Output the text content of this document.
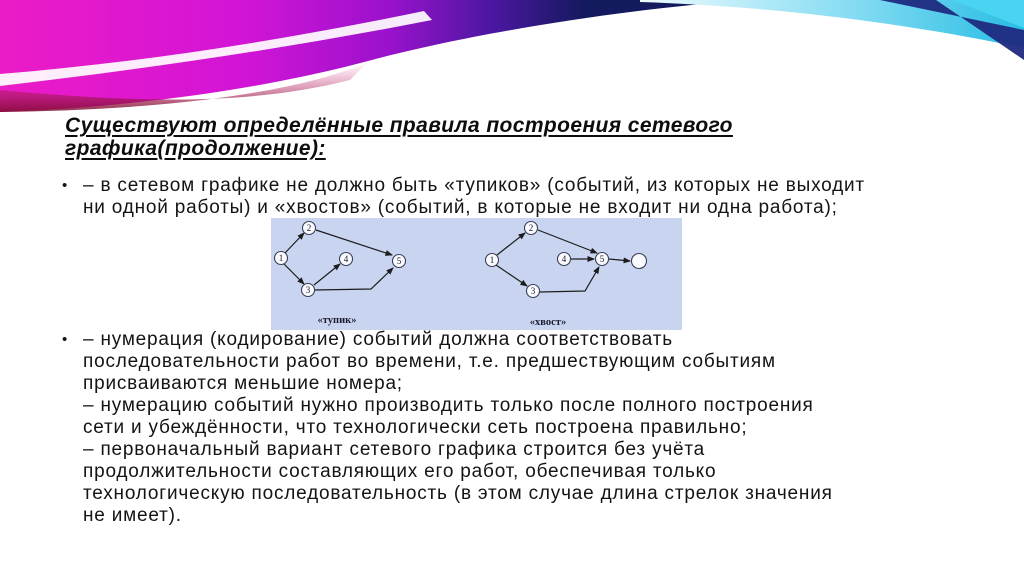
Существуют определённые правила построения сетевого
графика(продолжение):
• – в сетевом графике не должно быть «тупиков» (событий, из которых не выходит
ни одной работы) и «хвостов» (событий, в которые не входит ни одна работа);
1
2
3
4	5	1
2
3
4	5
«тупик»	«хвост»
• – нумерация (кодирование) событий должна соответствовать
последовательности работ во времени, т.е. предшествующим событиям
присваиваются меньшие номера;
– нумерацию событий нужно производить только после полного построения
сети и убеждённости, что технологически сеть построена правильно;
– первоначальный вариант сетевого графика строится без учёта
продолжительности составляющих его работ, обеспечивая только
технологическую последовательность (в этом случае длина стрелок значения
не имеет).
